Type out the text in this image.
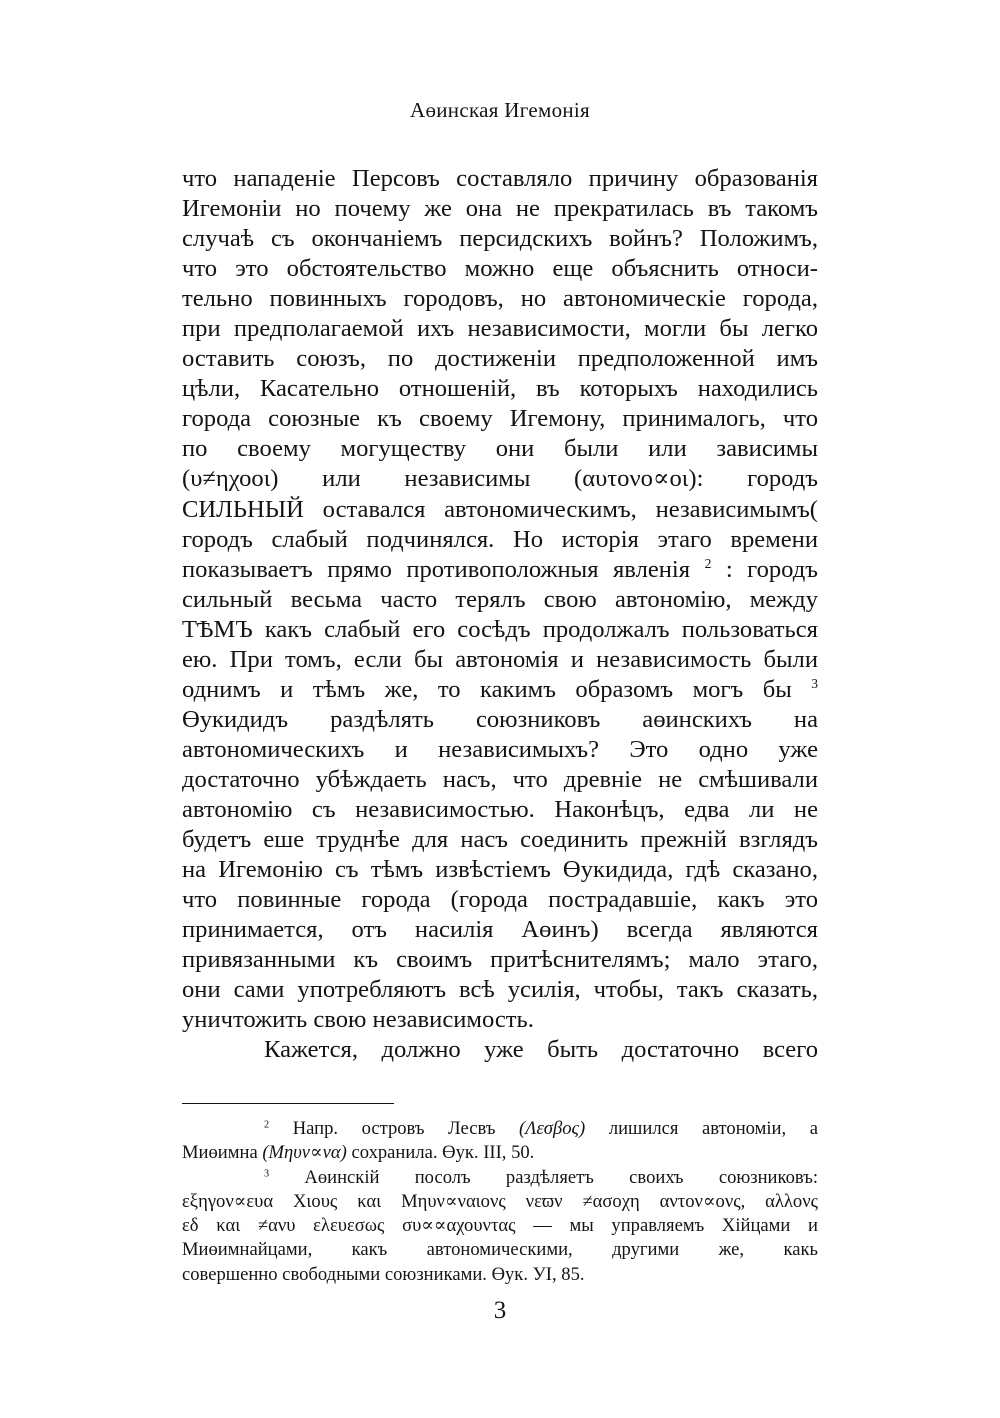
Аөинская Игемонія
что нападеніе Персовъ составляло причину образованія
Игемоніи но почему же она не прекратилась въ такомъ
случаѣ съ окончаніемъ персидскихъ войнъ? Положимъ,
что это обстоятельство можно еще объяснить относи-
тельно повинныхъ городовъ, но автономическіе города,
при предполагаемой ихъ независимости, могли бы легко
оставить союзъ, по достиженіи предположенной имъ
цѣли, Касательно отношеній, въ которыхъ находились
города союзные къ своему Игемону, принималогь, что
по своему могуществу они были или зависимы
(υ≠ηχοοι) или независимы (αυτονο∝οι): городъ
СИЛЬНЫЙ оставался автономическимъ, независимымъ(
городъ слабый подчинялся. Но исторія этаго времени
показываетъ прямо противоположныя явленія $^2$ : городъ
сильный весьма часто терялъ свою автономію, между
ТѢМЪ какъ слабый его сосѣдъ продолжалъ пользоваться
ею. При томъ, если бы автономія и независимость были
однимъ и тѣмъ же, то какимъ образомъ могъ бы $^3$
Өукидидъ раздѣлять союзниковъ аөинскихъ на
автономическихъ и независимыхъ? Это одно уже
достаточно убѣждаеть насъ, что древніе не смѣшивали
автономію съ независимостью. Наконѣцъ, едва ли не
будетъ еше труднѣе для насъ соединить прежній взглядъ
на Игемонію съ тѣмъ извѣстіемъ Өукидида, гдѣ сказано,
что повинные города (города пострадавшіе, какъ это
принимается, отъ насилія Аөинъ) всегда являются
привязанными къ своимъ притѣснителямъ; мало этаго,
они сами употребляютъ всѣ усилія, чтобы, такъ сказать,
уничтожить свою независимость.
Кажется, должно уже быть достаточно всего
$^2$ Напр. островъ Лесвъ (Λεσβος) лишился автономіи, а
Миөимна (Μηυν∝να) сохранила. Өук. III, 50.
$^3$ Аөинскій посолъ раздѣляетъ своихъ союзниковъ:
εξηγον∝ευα Χιους και Μηυν∝ναιονς νεϖν ≠ασοχη αντον∝ονς, αλλονς
εδ και ≠ανυ ελευεσως συ∝∝αχουντας — мы управляемъ Хійцами и
Миөимнайцами, какъ автономическими, другими же, какь
совершенно свободными союзниками. Өук. УІ, 85.
3
